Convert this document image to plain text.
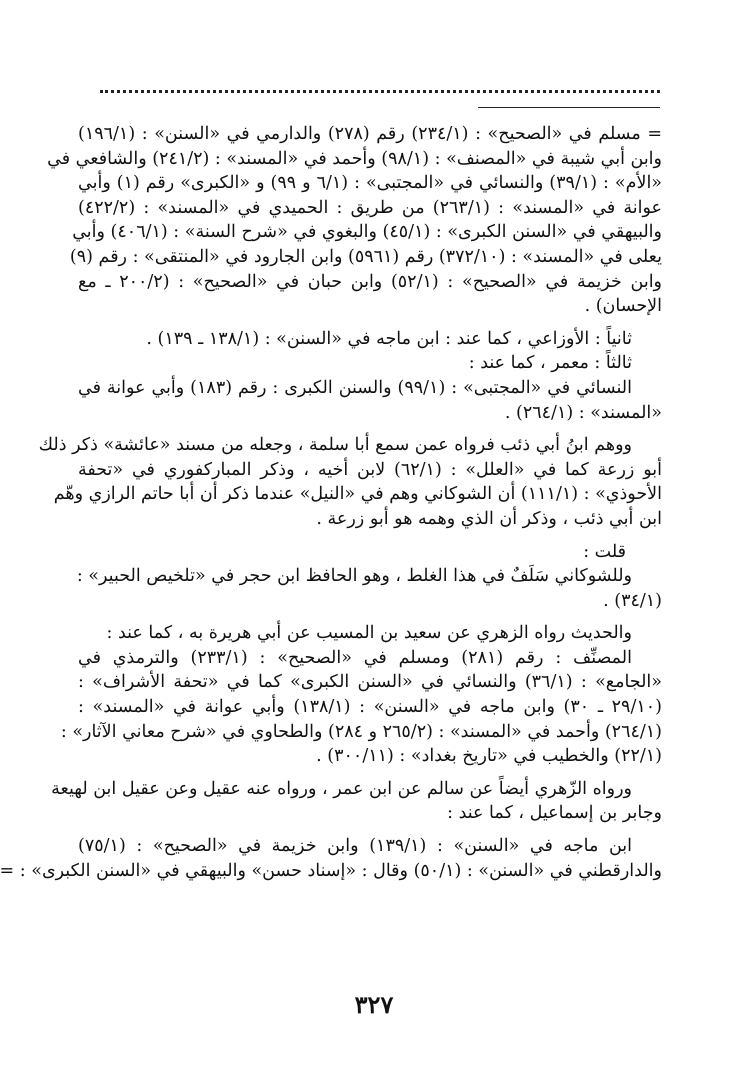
= مسلم في «الصحيح» : (٢٣٤/١) رقم (٢٧٨) والدارمي في «السنن» : (١٩٦/١)
وابن أبي شيبة في «المصنف» : (٩٨/١) وأحمد في «المسند» : (٢٤١/٢) والشافعي في
«الأم» : (٣٩/١) والنسائي في «المجتبى» : (٦/١ و ٩٩) و «الكبرى» رقم (١) وأبي
عوانة في «المسند» : (٢٦٣/١) من طريق : الحميدي في «المسند» : (٤٢٢/٢)
والبيهقي في «السنن الكبرى» : (٤٥/١) والبغوي في «شرح السنة» : (٤٠٦/١) وأبي
يعلى في «المسند» : (٣٧٢/١٠) رقم (٥٩٦١) وابن الجارود في «المنتقى» : رقم (٩)
وابن خزيمة في «الصحيح» : (٥٢/١) وابن حبان في «الصحيح» : (٢٠٠/٢ ـ مع
الإحسان) .
ثانياً : الأوزاعي ، كما عند : ابن ماجه في «السنن» : (١٣٨/١ ـ ١٣٩) .
ثالثاً : معمر ، كما عند :
النسائي في «المجتبى» : (٩٩/١) والسنن الكبرى : رقم (١٨٣) وأبي عوانة في
«المسند» : (٢٦٤/١) .
ووهم ابنُ أبي ذئب فرواه عمن سمع أبا سلمة ، وجعله من مسند «عائشة» ذكر ذلك
أبو زرعة كما في «العلل» : (٦٢/١) لابن أخيه ، وذكر المباركفوري في «تحفة
الأحوذي» : (١١١/١) أن الشوكاني وهم في «النيل» عندما ذكر أن أبا حاتم الرازي وهّم
ابن أبي ذئب ، وذكر أن الذي وهمه هو أبو زرعة .
قلت :
وللشوكاني سَلَفٌ في هذا الغلط ، وهو الحافظ ابن حجر في «تلخيص الحبير» :
(٣٤/١) .
والحديث رواه الزهري عن سعيد بن المسيب عن أبي هريرة به ، كما عند :
المصنِّف : رقم (٢٨١) ومسلم في «الصحيح» : (٢٣٣/١) والترمذي في
«الجامع» : (٣٦/١) والنسائي في «السنن الكبرى» كما في «تحفة الأشراف» :
(٢٩/١٠ ـ ٣٠) وابن ماجه في «السنن» : (١٣٨/١) وأبي عوانة في «المسند» :
(٢٦٤/١) وأحمد في «المسند» : (٢٦٥/٢ و ٢٨٤) والطحاوي في «شرح معاني الآثار» :
(٢٢/١) والخطيب في «تاريخ بغداد» : (٣٠٠/١١) .
ورواه الزّهري أيضاً عن سالم عن ابن عمر ، ورواه عنه عقيل وعن عقيل ابن لهيعة
وجابر بن إسماعيل ، كما عند :
ابن ماجه في «السنن» : (١٣٩/١) وابن خزيمة في «الصحيح» : (٧٥/١)
والدارقطني في «السنن» : (٥٠/١) وقال : «إسناد حسن» والبيهقي في «السنن الكبرى» : =
٣٢٧
